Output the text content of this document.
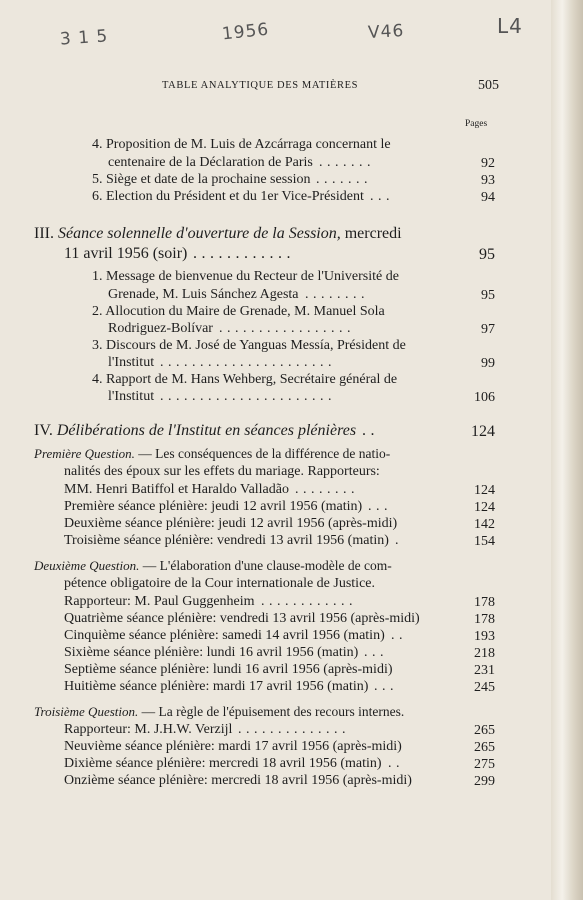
3 1 5	1956	V46	L4
TABLE ANALYTIQUE DES MATIÈRES	505
Pages
4. Proposition de M. Luis de Azcárraga concernant le
centenaire de la Déclaration de Paris .......	92
5. Siège et date de la prochaine session .......	93
6. Election du Président et du 1er Vice-Président ...	94
III. Séance solennelle d'ouverture de la Session, mercredi
11 avril 1956 (soir) ............	95
1. Message de bienvenue du Recteur de l'Université de
Grenade, M. Luis Sánchez Agesta ........	95
2. Allocution du Maire de Grenade, M. Manuel Sola
Rodriguez-Bolívar .................	97
3. Discours de M. José de Yanguas Messía, Président de
l'Institut ......................	99
4. Rapport de M. Hans Wehberg, Secrétaire général de
l'Institut ......................	106
IV. Délibérations de l'Institut en séances plénières ..	124
Première Question. — Les conséquences de la différence de natio-
nalités des époux sur les effets du mariage. Rapporteurs:
MM. Henri Batiffol et Haraldo Valladão ........	124
Première séance plénière: jeudi 12 avril 1956 (matin) ...	124
Deuxième séance plénière: jeudi 12 avril 1956 (après-midi)	142
Troisième séance plénière: vendredi 13 avril 1956 (matin) .	154
Deuxième Question. — L'élaboration d'une clause-modèle de com-
pétence obligatoire de la Cour internationale de Justice.
Rapporteur: M. Paul Guggenheim ............	178
Quatrième séance plénière: vendredi 13 avril 1956 (après-midi)	178
Cinquième séance plénière: samedi 14 avril 1956 (matin) ..	193
Sixième séance plénière: lundi 16 avril 1956 (matin) ...	218
Septième séance plénière: lundi 16 avril 1956 (après-midi)	231
Huitième séance plénière: mardi 17 avril 1956 (matin) ...	245
Troisième Question. — La règle de l'épuisement des recours internes.
Rapporteur: M. J.H.W. Verzijl ..............	265
Neuvième séance plénière: mardi 17 avril 1956 (après-midi)	265
Dixième séance plénière: mercredi 18 avril 1956 (matin) ..	275
Onzième séance plénière: mercredi 18 avril 1956 (après-midi)	299
